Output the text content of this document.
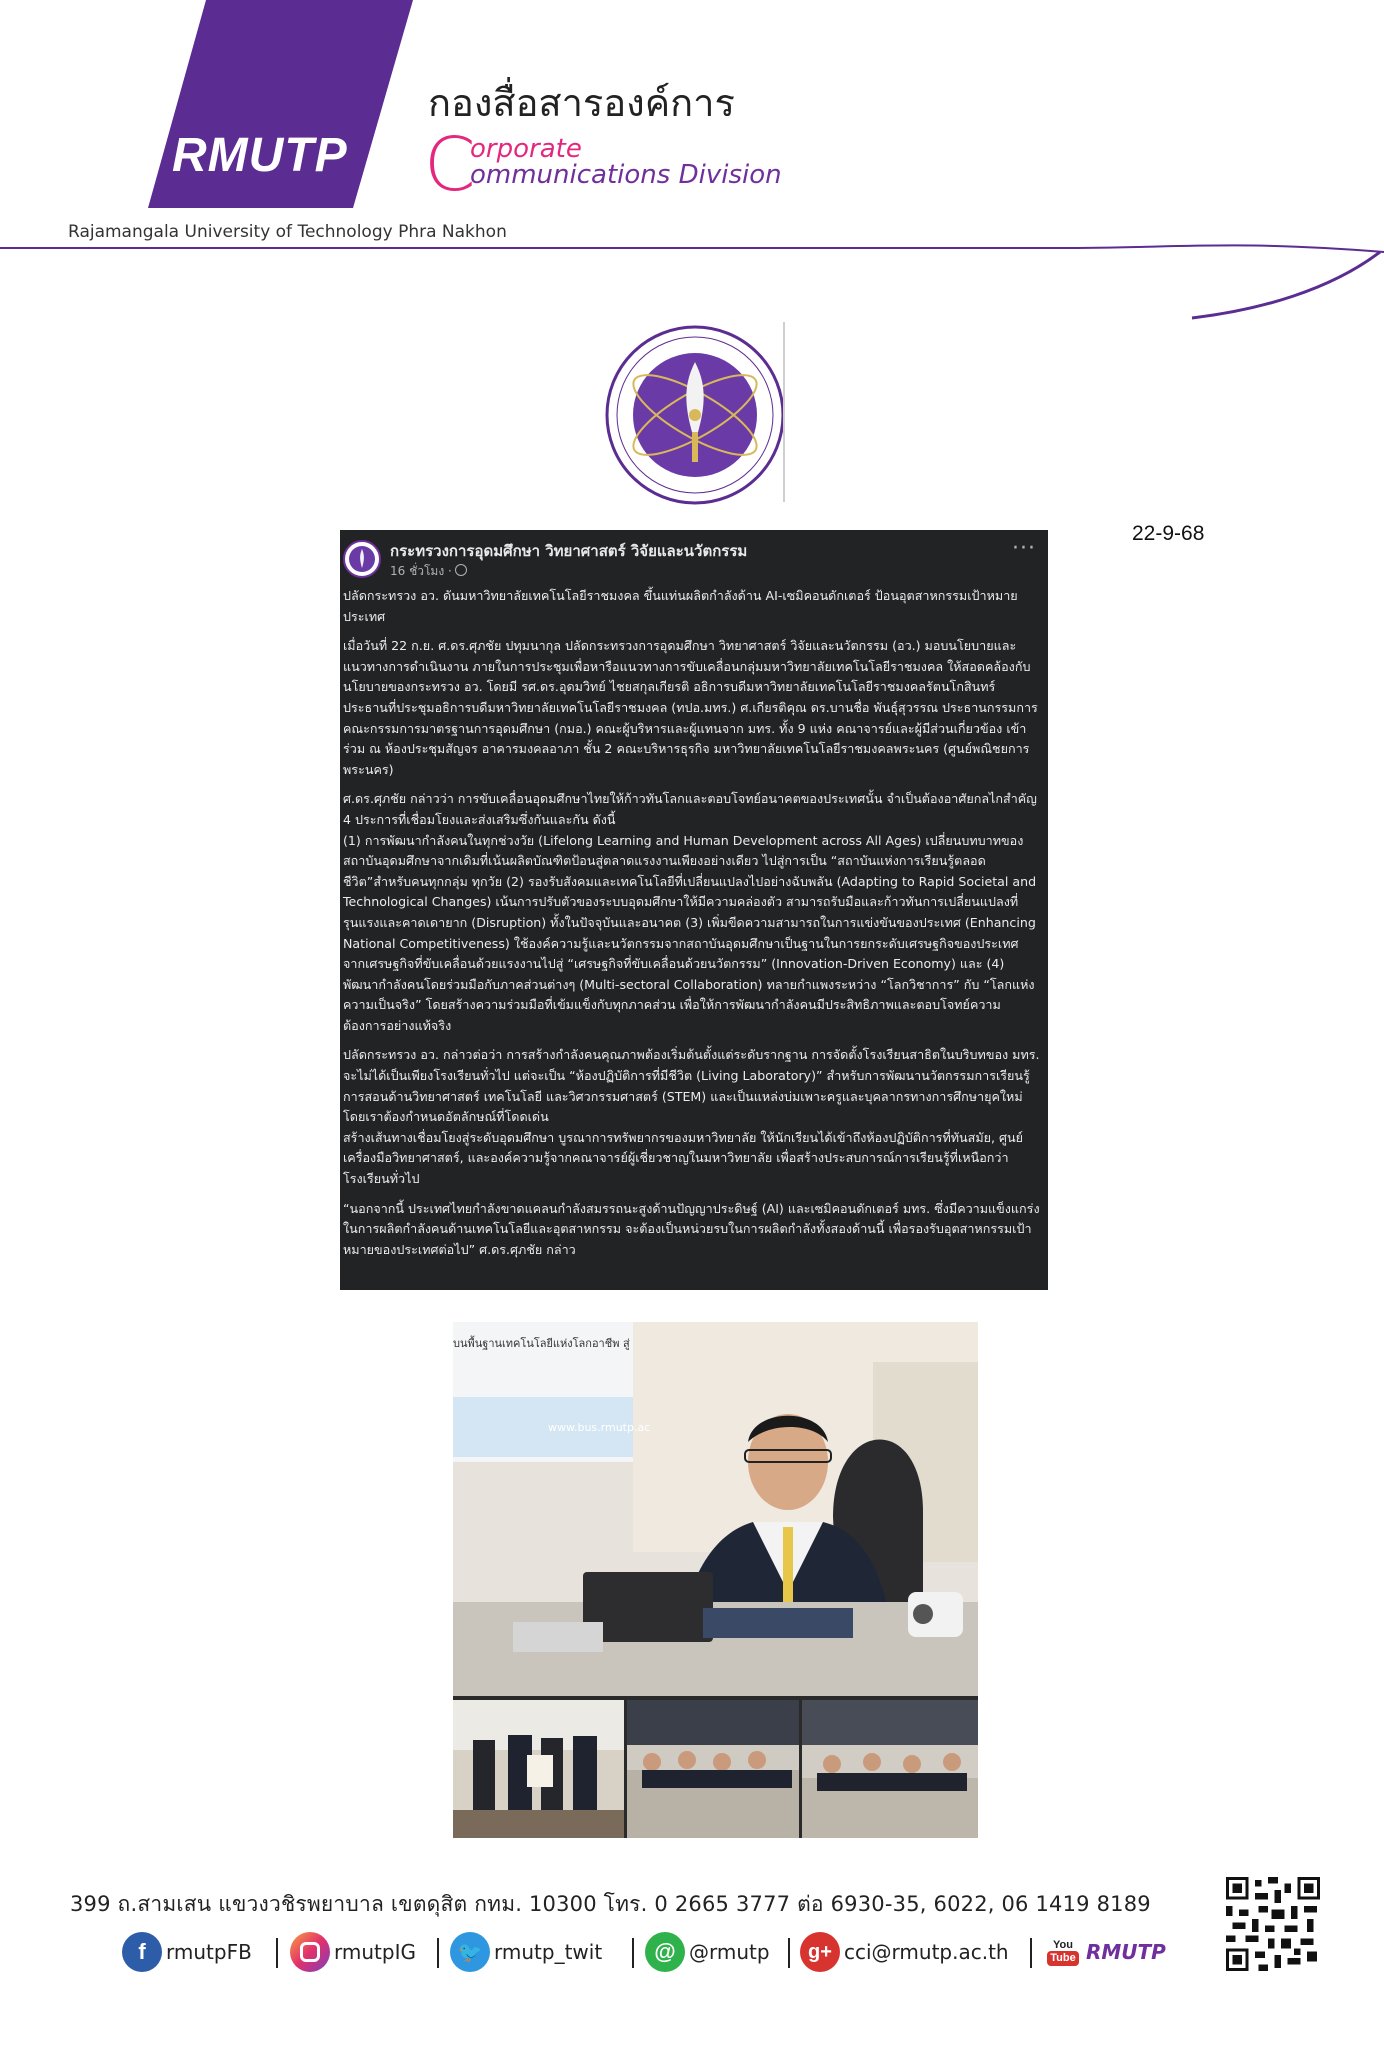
RMUTP
กองสื่อสารองค์การ
C
orporate
ommunications Division
Rajamangala University of Technology Phra Nakhon
22-9-68
กระทรวงการอุดมศึกษา วิทยาศาสตร์ วิจัยและนวัตกรรม
16 ชั่วโมง ·
···

ปลัดกระทรวง อว. ดันมหาวิทยาลัยเทคโนโลยีราชมงคล ขึ้นแท่นผลิตกำลังด้าน AI-เซมิคอนดักเตอร์ ป้อนอุตสาหกรรมเป้าหมายประเทศ

เมื่อวันที่ 22 ก.ย. ศ.ดร.ศุภชัย ปทุมนากุล ปลัดกระทรวงการอุดมศึกษา วิทยาศาสตร์ วิจัยและนวัตกรรม (อว.) มอบนโยบายและแนวทางการดำเนินงาน ภายในการประชุมเพื่อหารือแนวทางการขับเคลื่อนกลุ่มมหาวิทยาลัยเทคโนโลยีราชมงคล ให้สอดคล้องกับนโยบายของกระทรวง อว. โดยมี รศ.ดร.อุดมวิทย์ ไชยสกุลเกียรติ อธิการบดีมหาวิทยาลัยเทคโนโลยีราชมงคลรัตนโกสินทร์ ประธานที่ประชุมอธิการบดีมหาวิทยาลัยเทคโนโลยีราชมงคล (ทปอ.มทร.) ศ.เกียรติคุณ ดร.บานชื่อ พันธุ์สุวรรณ ประธานกรรมการคณะกรรมการมาตรฐานการอุดมศึกษา (กมอ.) คณะผู้บริหารและผู้แทนจาก มทร. ทั้ง 9 แห่ง คณาจารย์และผู้มีส่วนเกี่ยวข้อง เข้าร่วม ณ ห้องประชุมสัญจร อาคารมงคลอาภา ชั้น 2 คณะบริหารธุรกิจ มหาวิทยาลัยเทคโนโลยีราชมงคลพระนคร (ศูนย์พณิชยการพระนคร)

ศ.ดร.ศุภชัย กล่าวว่า การขับเคลื่อนอุดมศึกษาไทยให้ก้าวทันโลกและตอบโจทย์อนาคตของประเทศนั้น จำเป็นต้องอาศัยกลไกสำคัญ 4 ประการที่เชื่อมโยงและส่งเสริมซึ่งกันและกัน ดังนี้

(1) การพัฒนากำลังคนในทุกช่วงวัย (Lifelong Learning and Human Development across All Ages) เปลี่ยนบทบาทของสถาบันอุดมศึกษาจากเดิมที่เน้นผลิตบัณฑิตป้อนสู่ตลาดแรงงานเพียงอย่างเดียว ไปสู่การเป็น “สถาบันแห่งการเรียนรู้ตลอดชีวิต”สำหรับคนทุกกลุ่ม ทุกวัย (2) รองรับสังคมและเทคโนโลยีที่เปลี่ยนแปลงไปอย่างฉับพลัน (Adapting to Rapid Societal and Technological Changes) เน้นการปรับตัวของระบบอุดมศึกษาให้มีความคล่องตัว สามารถรับมือและก้าวทันการเปลี่ยนแปลงที่รุนแรงและคาดเดายาก (Disruption) ทั้งในปัจจุบันและอนาคต (3) เพิ่มขีดความสามารถในการแข่งขันของประเทศ (Enhancing National Competitiveness) ใช้องค์ความรู้และนวัตกรรมจากสถาบันอุดมศึกษาเป็นฐานในการยกระดับเศรษฐกิจของประเทศ จากเศรษฐกิจที่ขับเคลื่อนด้วยแรงงานไปสู่ “เศรษฐกิจที่ขับเคลื่อนด้วยนวัตกรรม” (Innovation-Driven Economy) และ (4) พัฒนากำลังคนโดยร่วมมือกับภาคส่วนต่างๆ (Multi-sectoral Collaboration) ทลายกำแพงระหว่าง “โลกวิชาการ” กับ “โลกแห่งความเป็นจริง” โดยสร้างความร่วมมือที่เข้มแข็งกับทุกภาคส่วน เพื่อให้การพัฒนากำลังคนมีประสิทธิภาพและตอบโจทย์ความต้องการอย่างแท้จริง

ปลัดกระทรวง อว. กล่าวต่อว่า การสร้างกำลังคนคุณภาพต้องเริ่มต้นตั้งแต่ระดับรากฐาน การจัดตั้งโรงเรียนสาธิตในบริบทของ มทร. จะไม่ได้เป็นเพียงโรงเรียนทั่วไป แต่จะเป็น “ห้องปฏิบัติการที่มีชีวิต (Living Laboratory)” สำหรับการพัฒนานวัตกรรมการเรียนรู้การสอนด้านวิทยาศาสตร์ เทคโนโลยี และวิศวกรรมศาสตร์ (STEM) และเป็นแหล่งบ่มเพาะครูและบุคลากรทางการศึกษายุคใหม่ โดยเราต้องกำหนดอัตลักษณ์ที่โดดเด่น

สร้างเส้นทางเชื่อมโยงสู่ระดับอุดมศึกษา บูรณาการทรัพยากรของมหาวิทยาลัย ให้นักเรียนได้เข้าถึงห้องปฏิบัติการที่ทันสมัย, ศูนย์เครื่องมือวิทยาศาสตร์, และองค์ความรู้จากคณาจารย์ผู้เชี่ยวชาญในมหาวิทยาลัย เพื่อสร้างประสบการณ์การเรียนรู้ที่เหนือกว่าโรงเรียนทั่วไป

“นอกจากนี้ ประเทศไทยกำลังขาดแคลนกำลังสมรรถนะสูงด้านปัญญาประดิษฐ์ (AI) และเซมิคอนดักเตอร์ มทร. ซึ่งมีความแข็งแกร่งในการผลิตกำลังคนด้านเทคโนโลยีและอุตสาหกรรม จะต้องเป็นหน่วยรบในการผลิตกำลังทั้งสองด้านนี้ เพื่อรองรับอุตสาหกรรมเป้าหมายของประเทศต่อไป” ศ.ดร.ศุภชัย กล่าว

บนพื้นฐานเทคโนโลยีแห่งโลกอาชีพ สู่
www.bus.rmutp.ac
399 ถ.สามเสน แขวงวชิรพยาบาล เขตดุสิต กทม. 10300 โทร. 0 2665 3777 ต่อ 6930-35, 6022, 06 1419 8189
f	rmutpFB	rmutpIG	🐦 rmutp_twit	@ @rmutp	g+ cci@rmutp.ac.th	You
Tube RMUTP
